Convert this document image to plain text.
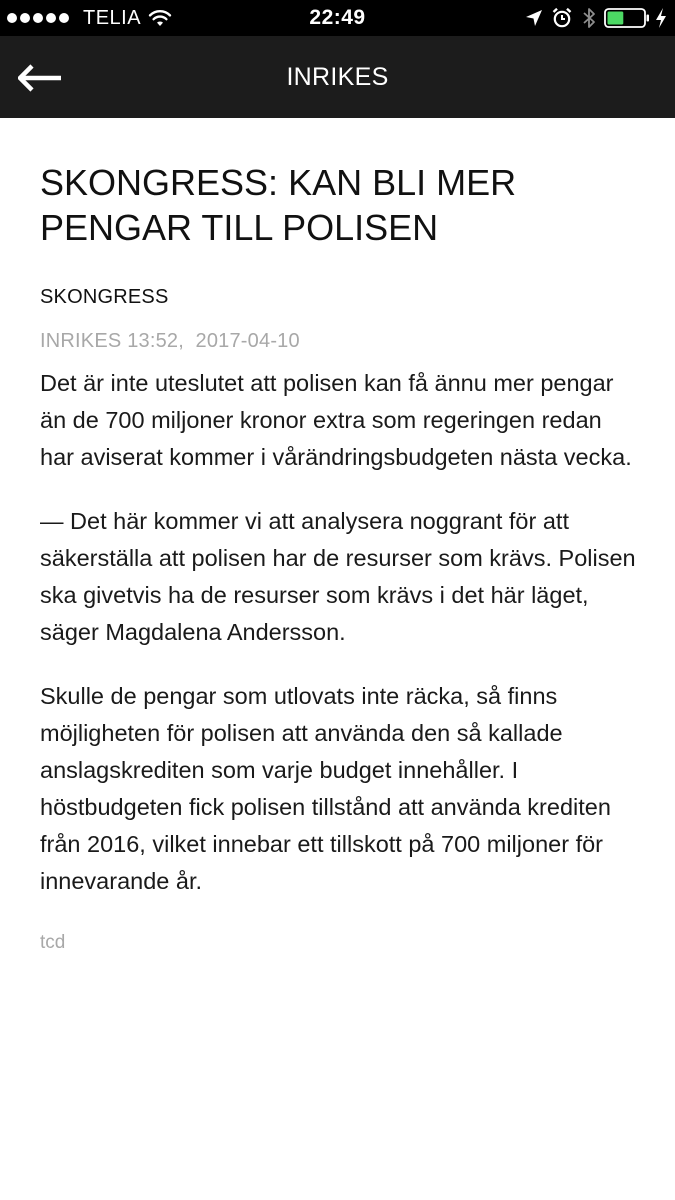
TELIA	22:49
INRIKES
SKONGRESS: KAN BLI MER PENGAR TILL POLISEN
SKONGRESS
INRIKES 13:52, 2017-04-10

Det är inte uteslutet att polisen kan få ännu mer pengar än de 700 miljoner kronor extra som regeringen redan har aviserat kommer i vårändringsbudgeten nästa vecka.

— Det här kommer vi att analysera noggrant för att säkerställa att polisen har de resurser som krävs. Polisen ska givetvis ha de resurser som krävs i det här läget, säger Magdalena Andersson.

Skulle de pengar som utlovats inte räcka, så finns möjligheten för polisen att använda den så kallade anslagskrediten som varje budget innehåller. I höstbudgeten fick polisen tillstånd att använda krediten från 2016, vilket innebar ett tillskott på 700 miljoner för innevarande år.

tcd
